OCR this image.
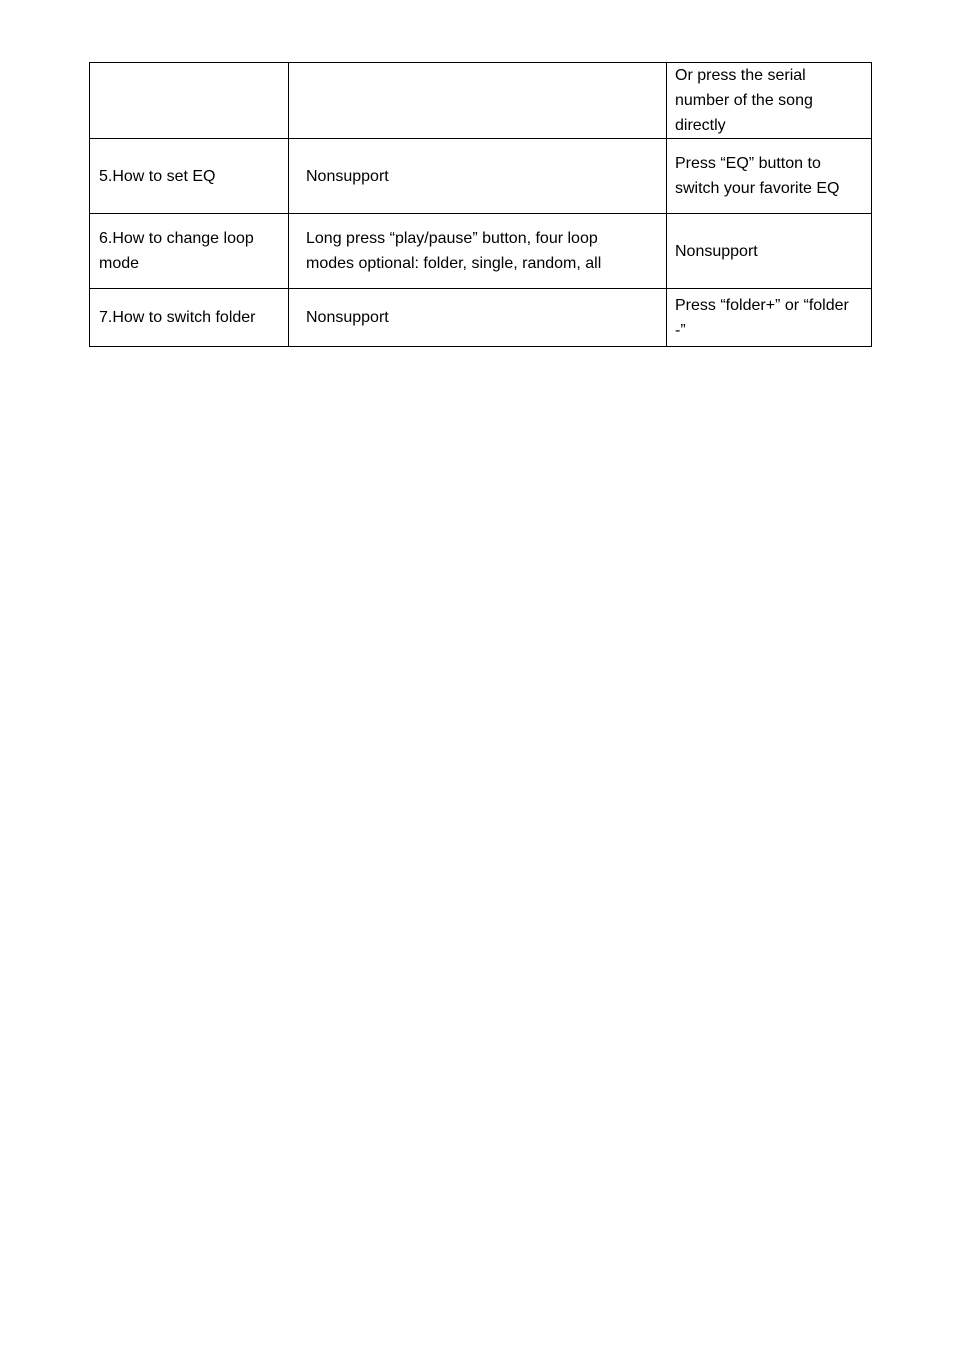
		Or press the serial
number of the song
directly

5.How to set EQ	Nonsupport	Press “EQ” button to
switch your favorite EQ

6.How to change loop
mode	Long press “play/pause” button, four loop
modes optional: folder, single, random, all	Nonsupport

7.How to switch folder	Nonsupport	Press “folder+” or “folder
-”
